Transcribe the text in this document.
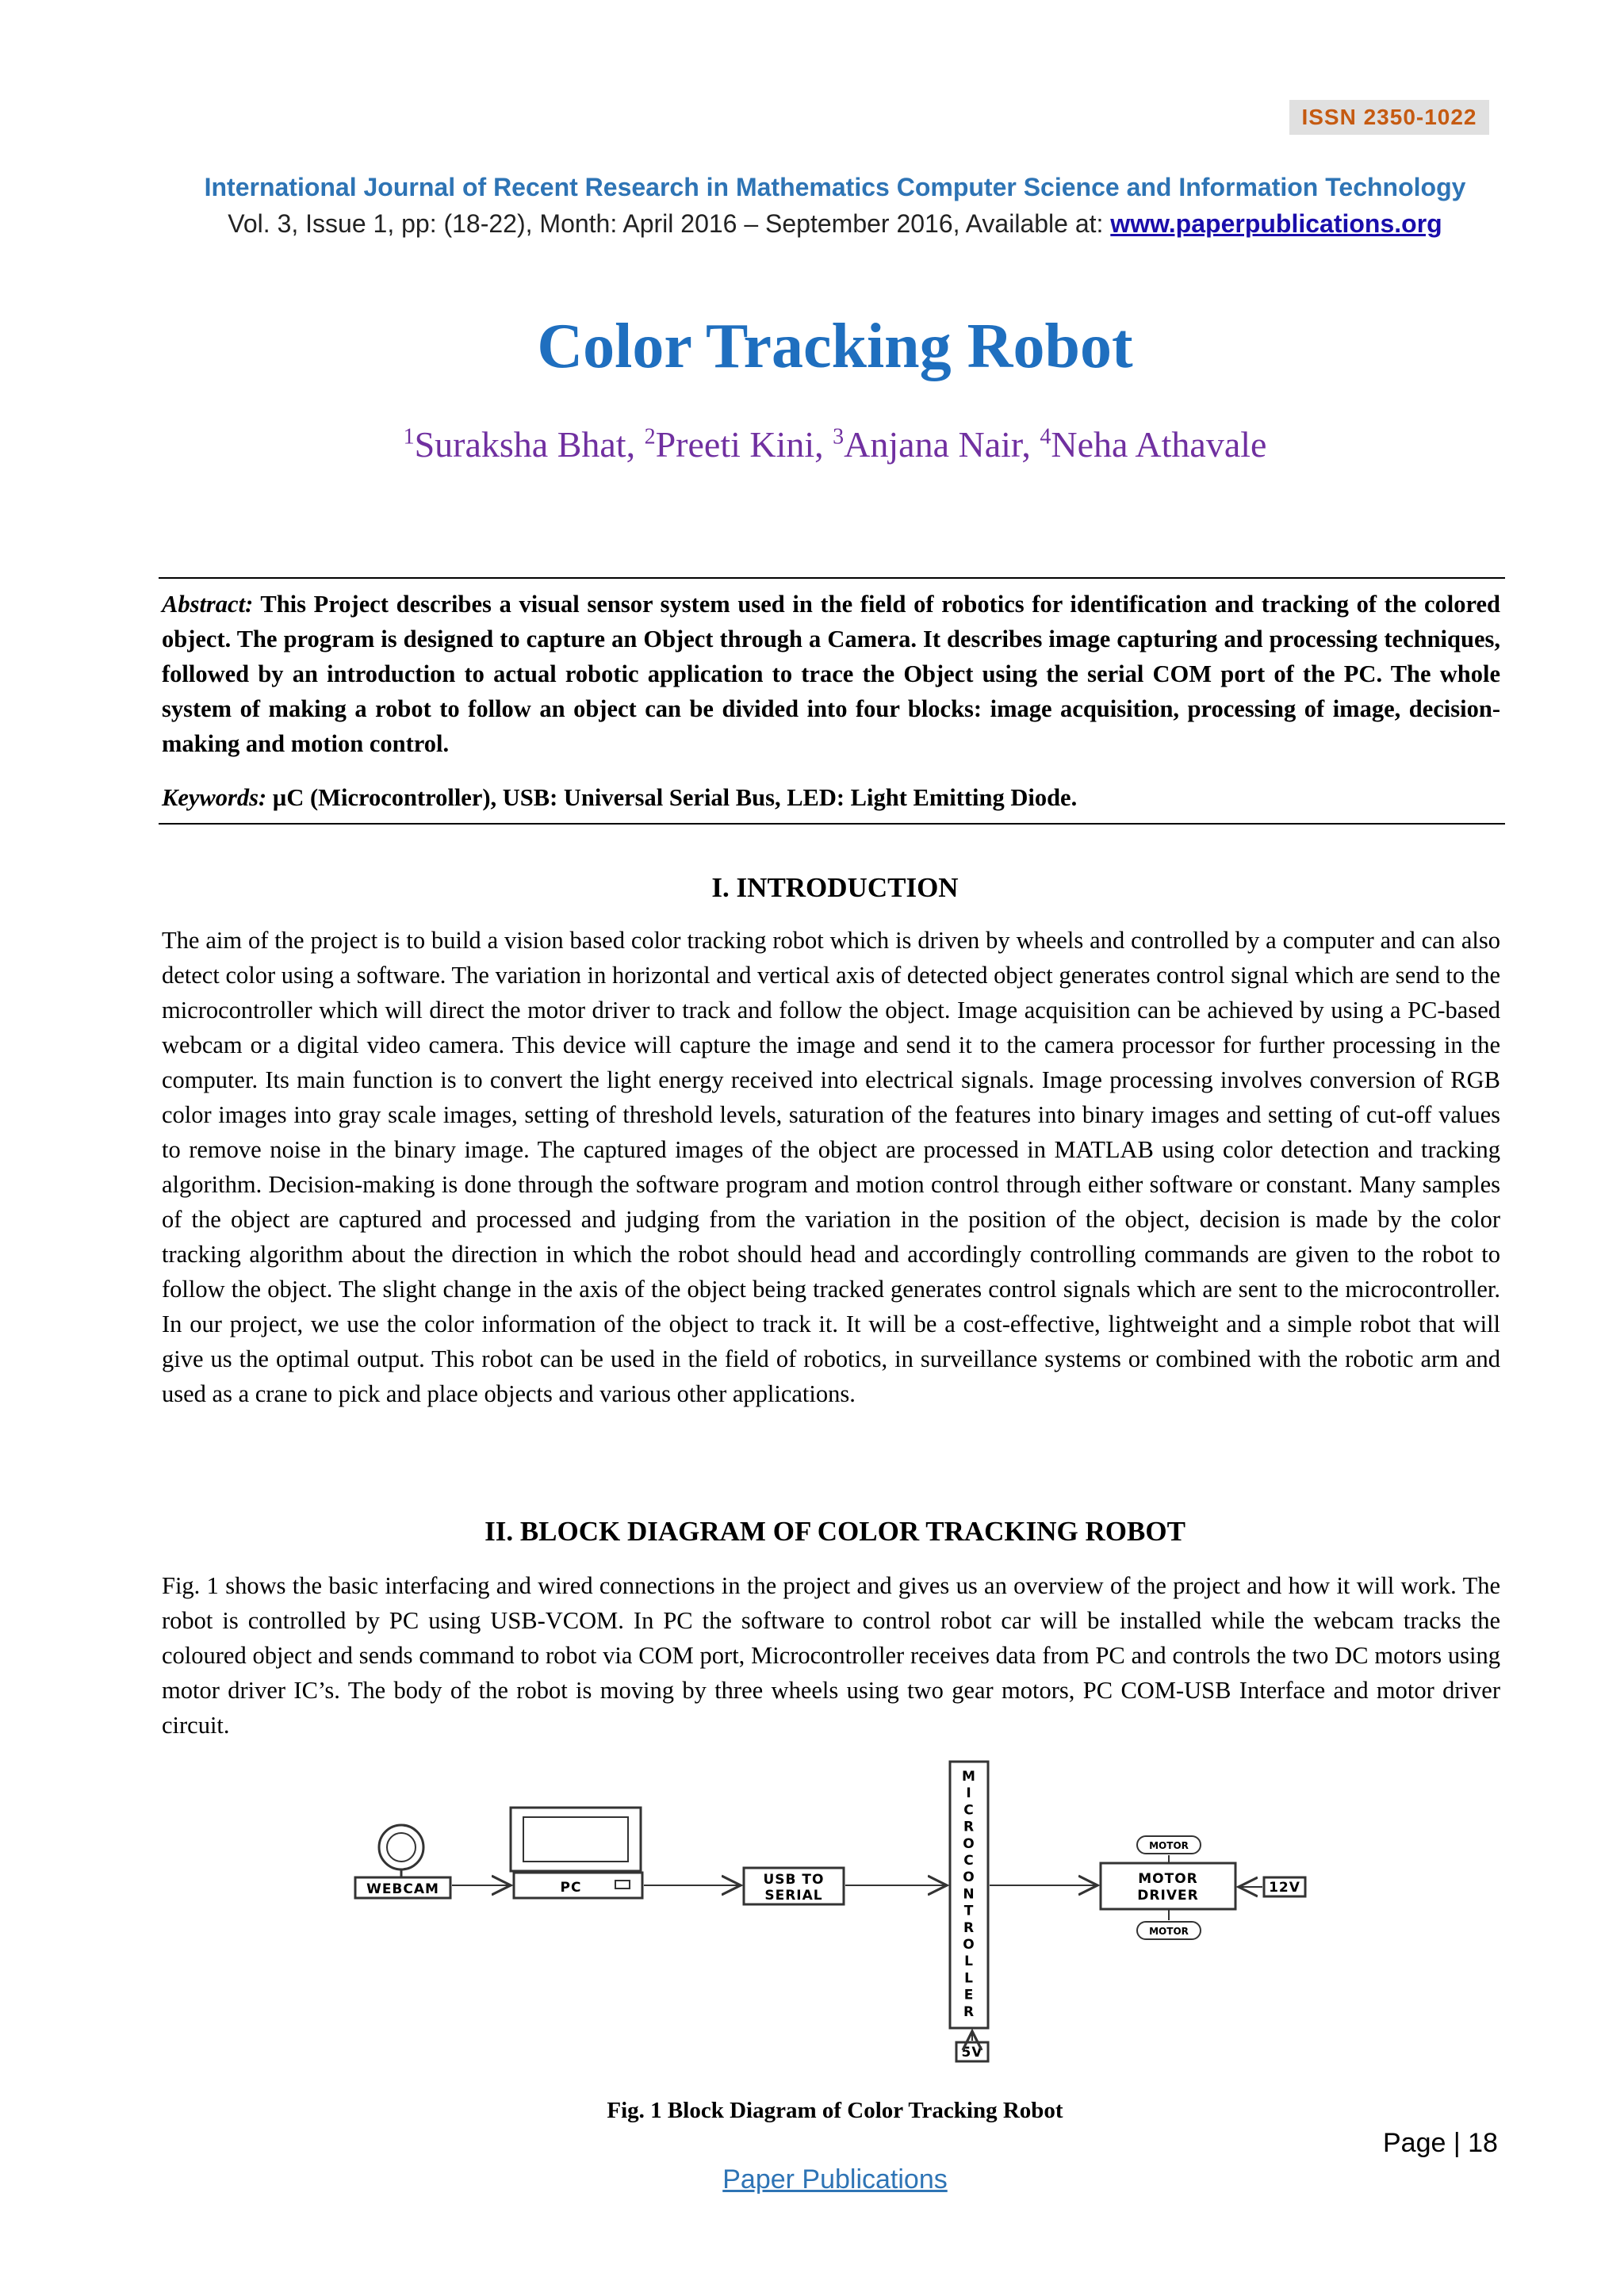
ISSN 2350-1022
International Journal of Recent Research in Mathematics Computer Science and Information Technology
Vol. 3, Issue 1, pp: (18-22), Month: April 2016 – September 2016, Available at: www.paperpublications.org
Color Tracking Robot
$^1$Suraksha Bhat, $^2$Preeti Kini, $^3$Anjana Nair, $^4$Neha Athavale
Abstract: This Project describes a visual sensor system used in the field of robotics for identification and tracking of the colored object. The program is designed to capture an Object through a Camera. It describes image capturing and processing techniques, followed by an introduction to actual robotic application to trace the Object using the serial COM port of the PC. The whole system of making a robot to follow an object can be divided into four blocks: image acquisition, processing of image, decision-making and motion control.
Keywords: µC (Microcontroller), USB: Universal Serial Bus, LED: Light Emitting Diode.
I. INTRODUCTION
The aim of the project is to build a vision based color tracking robot which is driven by wheels and controlled by a computer and can also detect color using a software. The variation in horizontal and vertical axis of detected object generates control signal which are send to the microcontroller which will direct the motor driver to track and follow the object. Image acquisition can be achieved by using a PC-based webcam or a digital video camera. This device will capture the image and send it to the camera processor for further processing in the computer. Its main function is to convert the light energy received into electrical signals. Image processing involves conversion of RGB color images into gray scale images, setting of threshold levels, saturation of the features into binary images and setting of cut-off values to remove noise in the binary image. The captured images of the object are processed in MATLAB using color detection and tracking algorithm. Decision-making is done through the software program and motion control through either software or constant. Many samples of the object are captured and processed and judging from the variation in the position of the object, decision is made by the color tracking algorithm about the direction in which the robot should head and accordingly controlling commands are given to the robot to follow the object. The slight change in the axis of the object being tracked generates control signals which are sent to the microcontroller. In our project, we use the color information of the object to track it. It will be a cost-effective, lightweight and a simple robot that will give us the optimal output. This robot can be used in the field of robotics, in surveillance systems or combined with the robotic arm and used as a crane to pick and place objects and various other applications.
II. BLOCK DIAGRAM OF COLOR TRACKING ROBOT
Fig. 1 shows the basic interfacing and wired connections in the project and gives us an overview of the project and how it will work. The robot is controlled by PC using USB-VCOM. In PC the software to control robot car will be installed while the webcam tracks the coloured object and sends command to robot via COM port, Microcontroller receives data from PC and controls the two DC motors using motor driver IC’s. The body of the robot is moving by three wheels using two gear motors, PC COM-USB Interface and motor driver circuit.
WEBCAM	PC	USB TO
SERIAL
M
I
C
R
O
C
O
N
T
R
O
L
L
E
R
5V
MOTOR
DRIVER
MOTOR
MOTOR
12V
Fig. 1 Block Diagram of Color Tracking Robot
Page | 18
Paper Publications
